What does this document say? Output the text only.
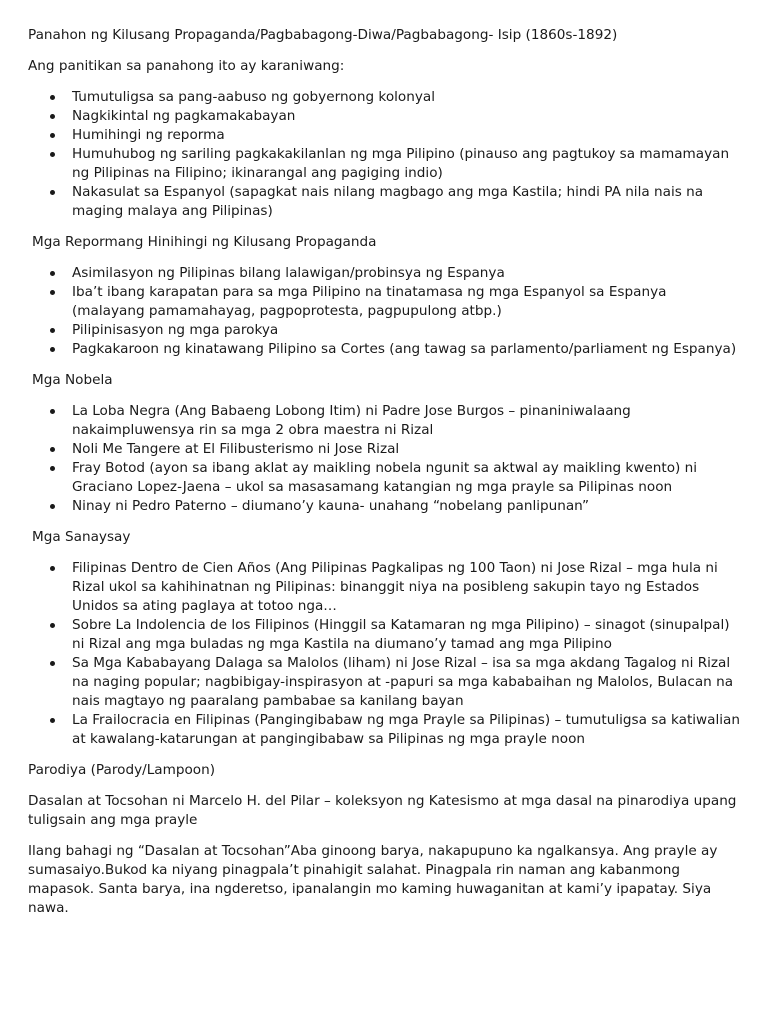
Panahon ng Kilusang Propaganda/Pagbabagong-Diwa/Pagbabagong- Isip (1860s-1892)

Ang panitikan sa panahong ito ay karaniwang:

Tumutuligsa sa pang-aabuso ng gobyernong kolonyal
Nagkikintal ng pagkamakabayan
Humihingi ng reporma
Humuhubog ng sariling pagkakakilanlan ng mga Pilipino (pinauso ang pagtukoy sa mamamayan ng Pilipinas na Filipino; ikinarangal ang pagiging indio)
Nakasulat sa Espanyol (sapagkat nais nilang magbago ang mga Kastila; hindi PA nila nais na maging malaya ang Pilipinas)

Mga Repormang Hinihingi ng Kilusang Propaganda

Asimilasyon ng Pilipinas bilang lalawigan/probinsya ng Espanya
Iba’t ibang karapatan para sa mga Pilipino na tinatamasa ng mga Espanyol sa Espanya (malayang pamamahayag, pagpoprotesta, pagpupulong atbp.)
Pilipinisasyon ng mga parokya
Pagkakaroon ng kinatawang Pilipino sa Cortes (ang tawag sa parlamento/parliament ng Espanya)

Mga Nobela

La Loba Negra (Ang Babaeng Lobong Itim) ni Padre Jose Burgos – pinaniniwalaang nakaimpluwensya rin sa mga 2 obra maestra ni Rizal
Noli Me Tangere at El Filibusterismo ni Jose Rizal
Fray Botod (ayon sa ibang aklat ay maikling nobela ngunit sa aktwal ay maikling kwento) ni Graciano Lopez-Jaena – ukol sa masasamang katangian ng mga prayle sa Pilipinas noon
Ninay ni Pedro Paterno – diumano’y kauna- unahang “nobelang panlipunan”

Mga Sanaysay

Filipinas Dentro de Cien Años (Ang Pilipinas Pagkalipas ng 100 Taon) ni Jose Rizal – mga hula ni Rizal ukol sa kahihinatnan ng Pilipinas: binanggit niya na posibleng sakupin tayo ng Estados Unidos sa ating paglaya at totoo nga…
Sobre La Indolencia de los Filipinos (Hinggil sa Katamaran ng mga Pilipino) – sinagot (sinupalpal) ni Rizal ang mga buladas ng mga Kastila na diumano’y tamad ang mga Pilipino
Sa Mga Kababayang Dalaga sa Malolos (liham) ni Jose Rizal – isa sa mga akdang Tagalog ni Rizal na naging popular; nagbibigay-inspirasyon at -papuri sa mga kababaihan ng Malolos, Bulacan na nais magtayo ng paaralang pambabae sa kanilang bayan
La Frailocracia en Filipinas (Pangingibabaw ng mga Prayle sa Pilipinas) – tumutuligsa sa katiwalian at kawalang-katarungan at pangingibabaw sa Pilipinas ng mga prayle noon

Parodiya (Parody/Lampoon)

Dasalan at Tocsohan ni Marcelo H. del Pilar – koleksyon ng Katesismo at mga dasal na pinarodiya upang tuligsain ang mga prayle

Ilang bahagi ng “Dasalan at Tocsohan”Aba ginoong barya, nakapupuno ka ngalkansya. Ang prayle ay sumasaiyo.Bukod ka niyang pinagpala’t pinahigit salahat. Pinagpala rin naman ang kabanmong mapasok. Santa barya, ina ngderetso, ipanalangin mo kaming huwaganitan at kami’y ipapatay. Siya nawa.
